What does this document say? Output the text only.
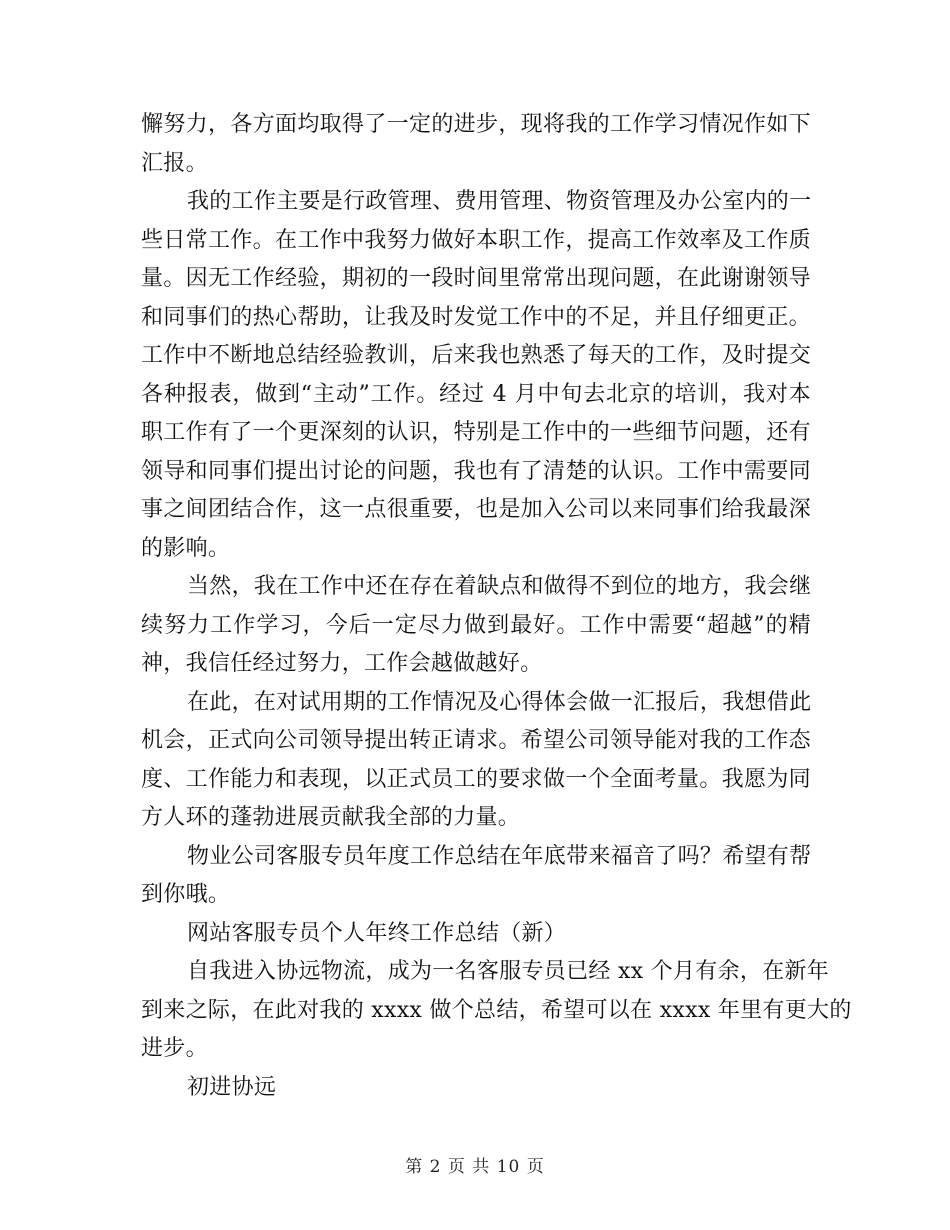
懈努力，各方面均取得了一定的进步，现将我的工作学习情况作如下
汇报。
我的工作主要是行政管理、费用管理、物资管理及办公室内的一
些日常工作。在工作中我努力做好本职工作，提高工作效率及工作质
量。因无工作经验，期初的一段时间里常常出现问题，在此谢谢领导
和同事们的热心帮助，让我及时发觉工作中的不足，并且仔细更正。
工作中不断地总结经验教训，后来我也熟悉了每天的工作，及时提交
各种报表，做到“主动”工作。经过 4 月中旬去北京的培训，我对本
职工作有了一个更深刻的认识，特别是工作中的一些细节问题，还有
领导和同事们提出讨论的问题，我也有了清楚的认识。工作中需要同
事之间团结合作，这一点很重要，也是加入公司以来同事们给我最深
的影响。
当然，我在工作中还在存在着缺点和做得不到位的地方，我会继
续努力工作学习，今后一定尽力做到最好。工作中需要“超越”的精
神，我信任经过努力，工作会越做越好。
在此，在对试用期的工作情况及心得体会做一汇报后，我想借此
机会，正式向公司领导提出转正请求。希望公司领导能对我的工作态
度、工作能力和表现，以正式员工的要求做一个全面考量。我愿为同
方人环的蓬勃进展贡献我全部的力量。
物业公司客服专员年度工作总结在年底带来福音了吗？希望有帮
到你哦。
网站客服专员个人年终工作总结（新）
自我进入协远物流，成为一名客服专员已经 xx 个月有余，在新年
到来之际，在此对我的 xxxx 做个总结，希望可以在 xxxx 年里有更大的
进步。
初进协远
第 2 页 共 10 页
